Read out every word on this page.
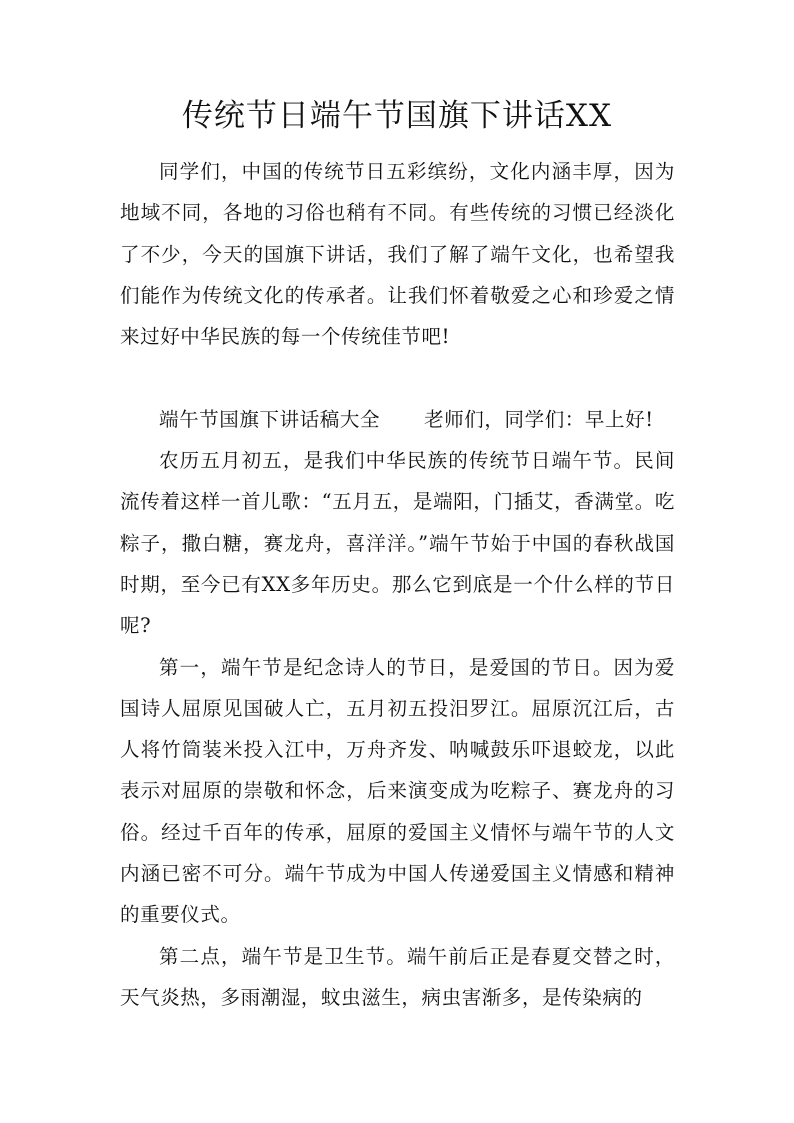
传统节日端午节国旗下讲话XX

同学们，中国的传统节日五彩缤纷，文化内涵丰厚，因为地域不同，各地的习俗也稍有不同。有些传统的习惯已经淡化了不少，今天的国旗下讲话，我们了解了端午文化，也希望我们能作为传统文化的传承者。让我们怀着敬爱之心和珍爱之情来过好中华民族的每一个传统佳节吧!

端午节国旗下讲话稿大全 老师们，同学们：早上好!

农历五月初五，是我们中华民族的传统节日端午节。民间流传着这样一首儿歌：“五月五，是端阳，门插艾，香满堂。吃粽子，撒白糖，赛龙舟，喜洋洋。”端午节始于中国的春秋战国时期，至今已有XX多年历史。那么它到底是一个什么样的节日呢?

第一，端午节是纪念诗人的节日，是爱国的节日。因为爱国诗人屈原见国破人亡，五月初五投汨罗江。屈原沉江后，古人将竹筒装米投入江中，万舟齐发、呐喊鼓乐吓退蛟龙，以此表示对屈原的崇敬和怀念，后来演变成为吃粽子、赛龙舟的习俗。经过千百年的传承，屈原的爱国主义情怀与端午节的人文内涵已密不可分。端午节成为中国人传递爱国主义情感和精神的重要仪式。

第二点，端午节是卫生节。端午前后正是春夏交替之时，天气炎热，多雨潮湿，蚊虫滋生，病虫害渐多，是传染病的
